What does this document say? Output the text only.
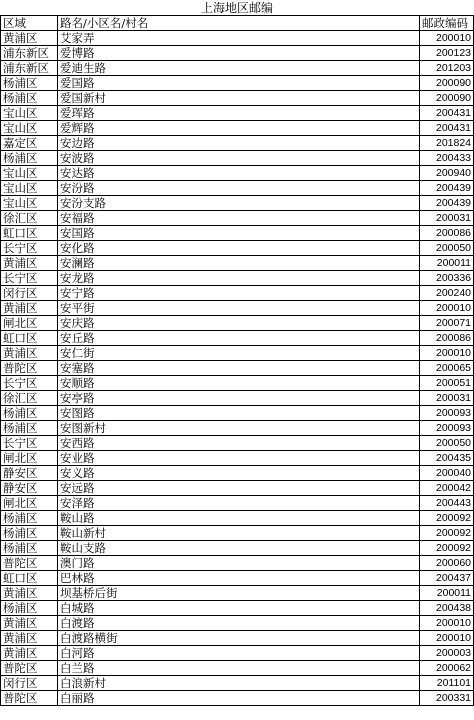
上海地区邮编		
区域	路名/小区名/村名	邮政编码
黄浦区	艾家弄	200010
浦东新区	爱博路	200123
浦东新区	爱迪生路	201203
杨浦区	爱国路	200090
杨浦区	爱国新村	200090
宝山区	爱珲路	200431
宝山区	爱辉路	200431
嘉定区	安边路	201824
杨浦区	安波路	200433
宝山区	安达路	200940
宝山区	安汾路	200439
宝山区	安汾支路	200439
徐汇区	安福路	200031
虹口区	安国路	200086
长宁区	安化路	200050
黄浦区	安澜路	200011
长宁区	安龙路	200336
闵行区	安宁路	200240
黄浦区	安平街	200010
闸北区	安庆路	200071
虹口区	安丘路	200086
黄浦区	安仁街	200010
普陀区	安塞路	200065
长宁区	安顺路	200051
徐汇区	安亭路	200031
杨浦区	安图路	200093
杨浦区	安图新村	200093
长宁区	安西路	200050
闸北区	安业路	200435
静安区	安义路	200040
静安区	安远路	200042
闸北区	安泽路	200443
杨浦区	鞍山路	200092
杨浦区	鞍山新村	200092
杨浦区	鞍山支路	200092
普陀区	澳门路	200060
虹口区	巴林路	200437
黄浦区	坝基桥后街	200011
杨浦区	白城路	200438
黄浦区	白渡路	200010
黄浦区	白渡路横街	200010
黄浦区	白河路	200003
普陀区	白兰路	200062
闵行区	白浪新村	201101
普陀区	白丽路	200331
